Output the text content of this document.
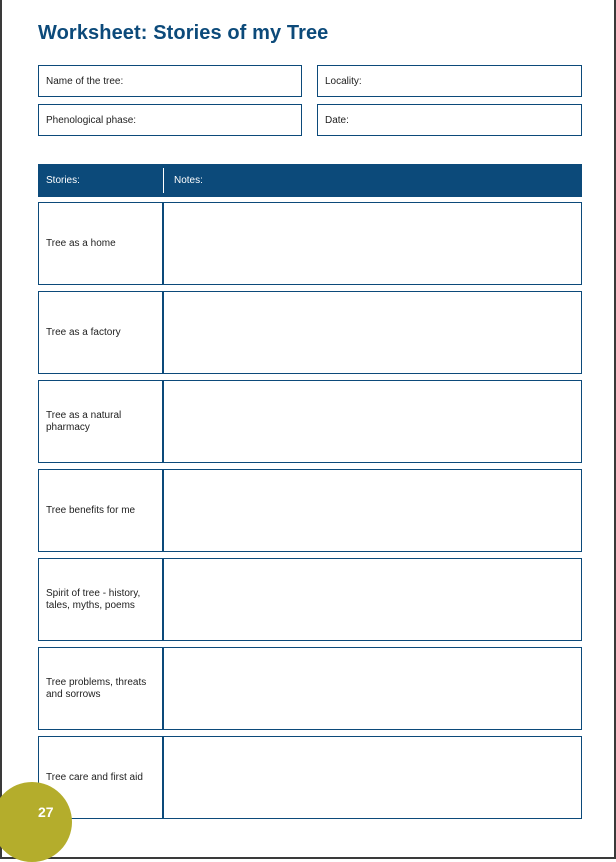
Worksheet: Stories of my Tree
Name of the tree:	Locality:
Phenological phase:	Date:
Stories:	Notes:
Tree as a home
Tree as a factory
Tree as a natural pharmacy
Tree benefits for me
Spirit of tree - history, tales, myths, poems
Tree problems, threats and sorrows
Tree care and first aid
27
